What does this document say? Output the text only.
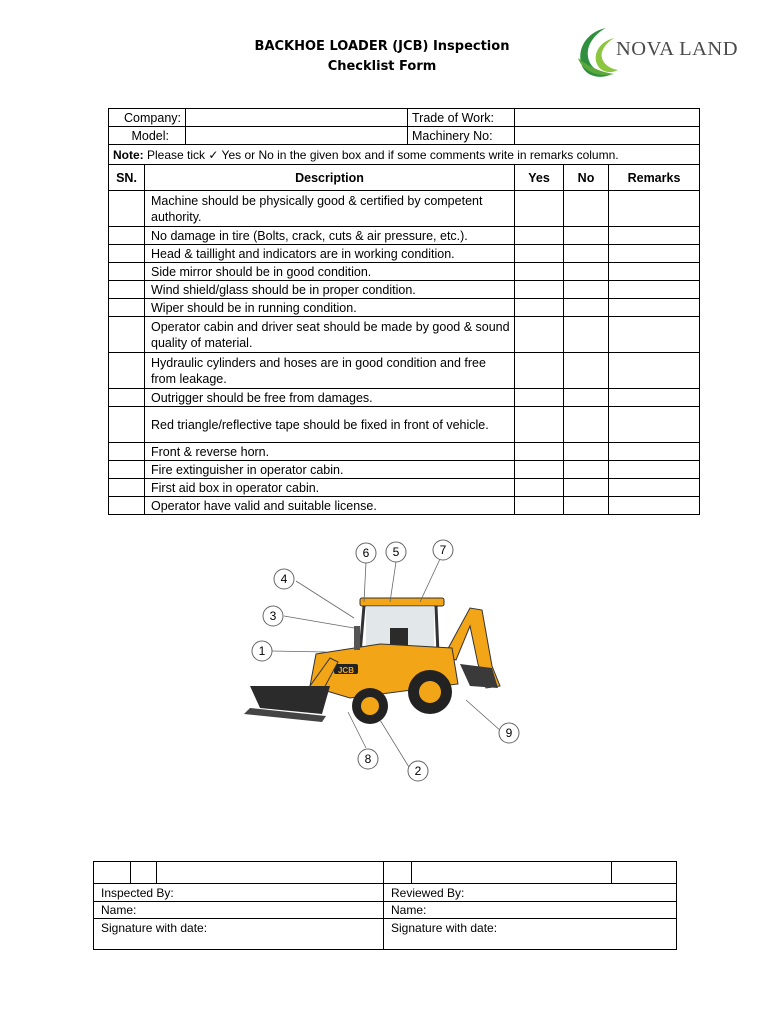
BACKHOE LOADER (JCB) Inspection
Checklist Form
NOVA LAND
Company:			Trade of Work:			
Model:			Machinery No:			
Note: Please tick ✓ Yes or No in the given box and if some comments write in remarks column.						
SN.	Description			Yes	No	Remarks
	Machine should be physically good & certified by competent authority.					
	No damage in tire (Bolts, crack, cuts & air pressure, etc.).					
	Head & taillight and indicators are in working condition.					
	Side mirror should be in good condition.					
	Wind shield/glass should be in proper condition.					
	Wiper should be in running condition.					
	Operator cabin and driver seat should be made by good & sound quality of material.					
	Hydraulic cylinders and hoses are in good condition and free from leakage.					
	Outrigger should be free from damages.					
	Red triangle/reflective tape should be fixed in front of vehicle.					
	Front & reverse horn.					
	Fire extinguisher in operator cabin.					
	First aid box in operator cabin.					
	Operator have valid and suitable license.					
JCB
1
2
3
4
5
6	7
8
9

Inspected By:			Reviewed By:		
Name:			Name:		
Signature with date:			Signature with date:		
